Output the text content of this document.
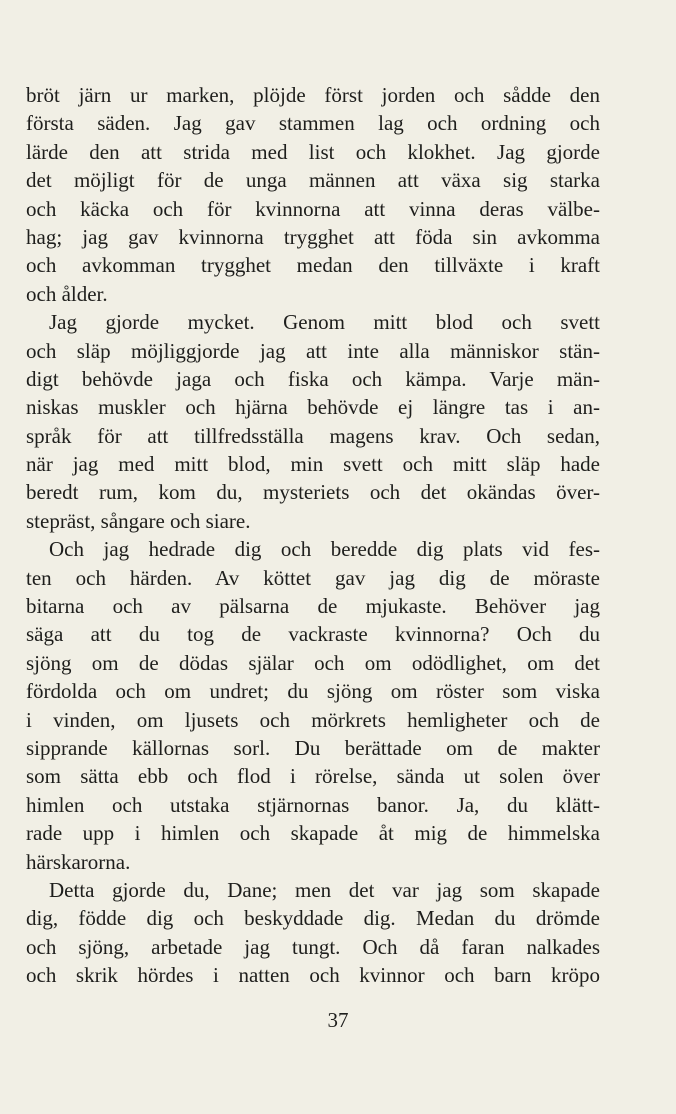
bröt järn ur marken, plöjde först jorden och sådde den
första säden. Jag gav stammen lag och ordning och
lärde den att strida med list och klokhet. Jag gjorde
det möjligt för de unga männen att växa sig starka
och käcka och för kvinnorna att vinna deras välbe-
hag; jag gav kvinnorna trygghet att föda sin avkomma
och avkomman trygghet medan den tillväxte i kraft
och ålder.
Jag gjorde mycket. Genom mitt blod och svett
och släp möjliggjorde jag att inte alla människor stän-
digt behövde jaga och fiska och kämpa. Varje män-
niskas muskler och hjärna behövde ej längre tas i an-
språk för att tillfredsställa magens krav. Och sedan,
när jag med mitt blod, min svett och mitt släp hade
beredt rum, kom du, mysteriets och det okändas över-
stepräst, sångare och siare.
Och jag hedrade dig och beredde dig plats vid fes-
ten och härden. Av köttet gav jag dig de möraste
bitarna och av pälsarna de mjukaste. Behöver jag
säga att du tog de vackraste kvinnorna? Och du
sjöng om de dödas själar och om odödlighet, om det
fördolda och om undret; du sjöng om röster som viska
i vinden, om ljusets och mörkrets hemligheter och de
sipprande källornas sorl. Du berättade om de makter
som sätta ebb och flod i rörelse, sända ut solen över
himlen och utstaka stjärnornas banor. Ja, du klätt-
rade upp i himlen och skapade åt mig de himmelska
härskarorna.
Detta gjorde du, Dane; men det var jag som skapade
dig, födde dig och beskyddade dig. Medan du drömde
och sjöng, arbetade jag tungt. Och då faran nalkades
och skrik hördes i natten och kvinnor och barn kröpo
37
